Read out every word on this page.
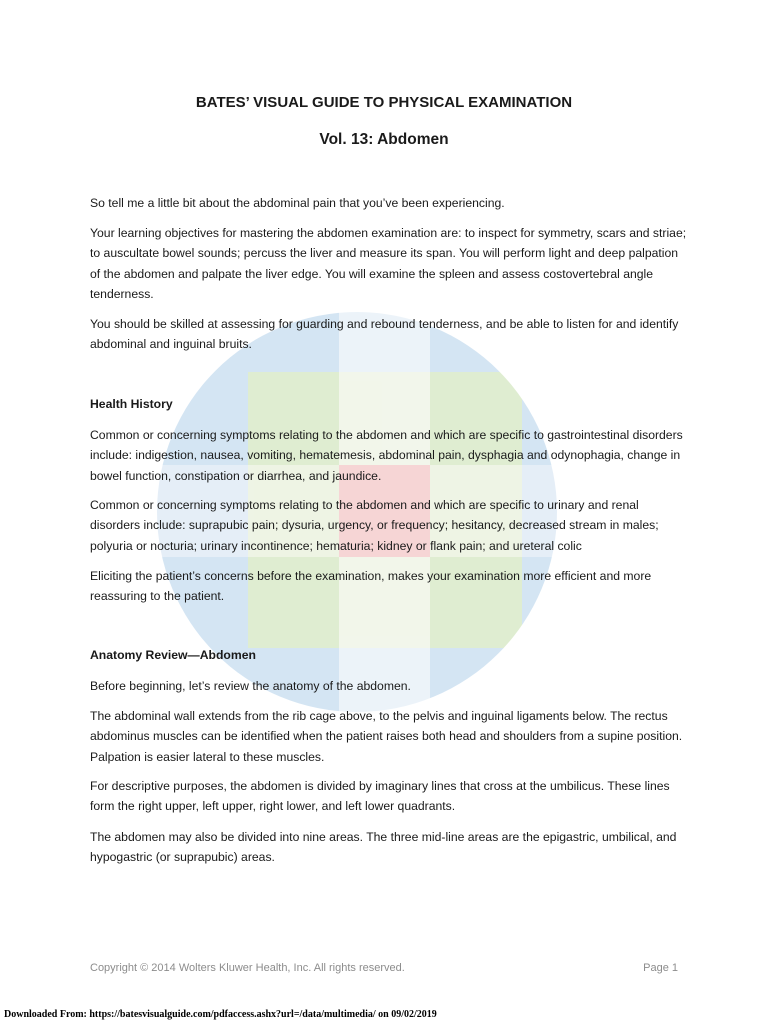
BATES’ VISUAL GUIDE TO PHYSICAL EXAMINATION
Vol. 13: Abdomen

So tell me a little bit about the abdominal pain that you’ve been experiencing.

Your learning objectives for mastering the abdomen examination are: to inspect for symmetry, scars and striae; to auscultate bowel sounds; percuss the liver and measure its span. You will perform light and deep palpation of the abdomen and palpate the liver edge. You will examine the spleen and assess costovertebral angle tenderness.

You should be skilled at assessing for guarding and rebound tenderness, and be able to listen for and identify abdominal and inguinal bruits.

Health History

Common or concerning symptoms relating to the abdomen and which are specific to gastrointestinal disorders include: indigestion, nausea, vomiting, hematemesis, abdominal pain, dysphagia and odynophagia, change in bowel function, constipation or diarrhea, and jaundice.

Common or concerning symptoms relating to the abdomen and which are specific to urinary and renal disorders include: suprapubic pain; dysuria, urgency, or frequency; hesitancy, decreased stream in males; polyuria or nocturia; urinary incontinence; hematuria; kidney or flank pain; and ureteral colic

Eliciting the patient’s concerns before the examination, makes your examination more efficient and more reassuring to the patient.

Anatomy Review—Abdomen

Before beginning, let’s review the anatomy of the abdomen.

The abdominal wall extends from the rib cage above, to the pelvis and inguinal ligaments below. The rectus abdominus muscles can be identified when the patient raises both head and shoulders from a supine position. Palpation is easier lateral to these muscles.

For descriptive purposes, the abdomen is divided by imaginary lines that cross at the umbilicus. These lines form the right upper, left upper, right lower, and left lower quadrants.

The abdomen may also be divided into nine areas. The three mid-line areas are the epigastric, umbilical, and hypogastric (or suprapubic) areas.

Copyright © 2014 Wolters Kluwer Health, Inc. All rights reserved.	Page 1
Downloaded From: https://batesvisualguide.com/pdfaccess.ashx?url=/data/multimedia/ on 09/02/2019
